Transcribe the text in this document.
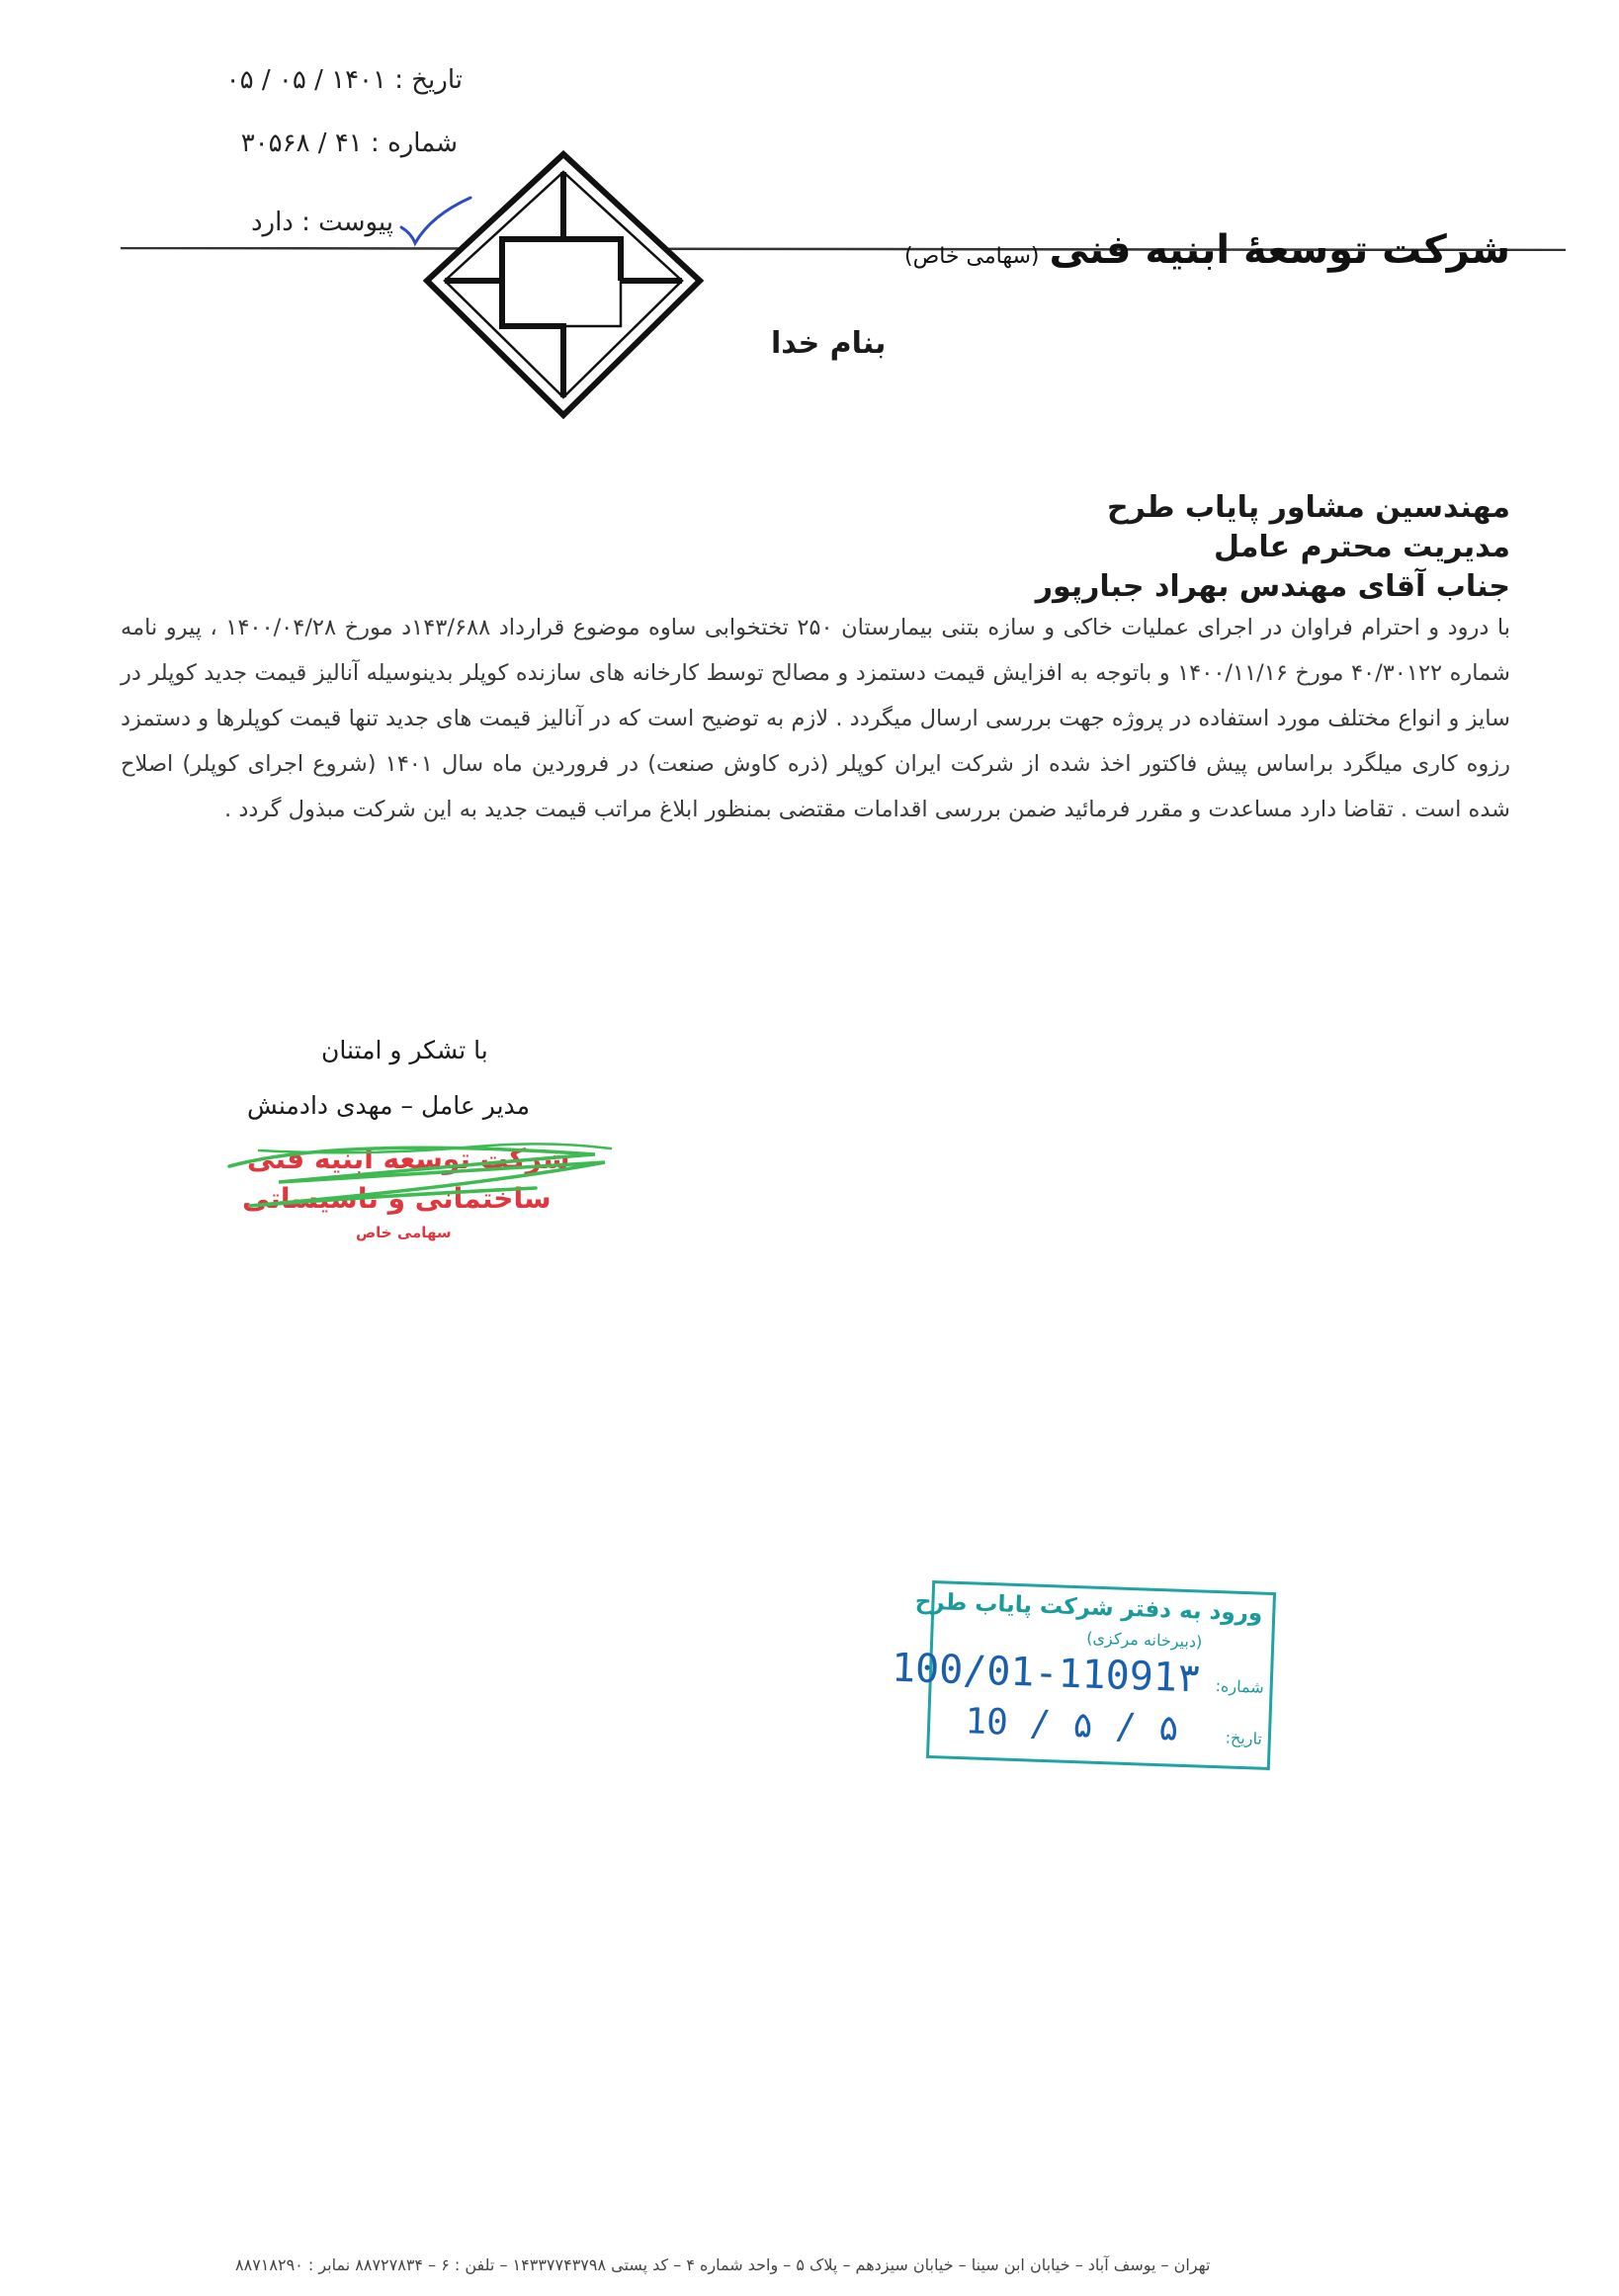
تاریخ : ۱۴۰۱ / ۰۵ / ۰۵
شماره : ۴۱ / ۳۰۵۶۸
پیوست : دارد
شرکت توسعهٔ ابنیه فنی(سهامی خاص)
بنام خدا
مهندسین مشاور پایاب طرح
مدیریت محترم عامل
جناب آقای مهندس بهراد جبارپور
با درود و احترام فراوان در اجرای عملیات خاکی و سازه بتنی بیمارستان ۲۵۰ تختخوابی ساوه موضوع قرارداد ۱۴۳/۶۸۸د مورخ ۱۴۰۰/۰۴/۲۸ ، پیرو نامه شماره ۴۰/۳۰۱۲۲ مورخ ۱۴۰۰/۱۱/۱۶ و باتوجه به افزایش قیمت دستمزد و مصالح توسط کارخانه های سازنده کوپلر بدینوسیله آنالیز قیمت جدید کوپلر در سایز و انواع مختلف مورد استفاده در پروژه جهت بررسی ارسال میگردد . لازم به توضیح است که در آنالیز قیمت های جدید تنها قیمت کوپلرها و دستمزد رزوه کاری میلگرد براساس پیش فاکتور اخذ شده از شرکت ایران کوپلر (ذره کاوش صنعت) در فروردین ماه سال ۱۴۰۱ (شروع اجرای کوپلر) اصلاح شده است . تقاضا دارد مساعدت و مقرر فرمائید ضمن بررسی اقدامات مقتضی بمنظور ابلاغ مراتب قیمت جدید به این شرکت مبذول گردد .
با تشکر و امتنان
مدیر عامل – مهدی دادمنش
شرکت توسعه ابنیه فنی
ساختمانی و تاسیساتی
سهامی خاص
ورود به دفتر شرکت پایاب طرح
(دبیرخانه مرکزی)
شماره:
100/01-11091۳
تاریخ:
10 / ۵ / ۵
تهران – یوسف آباد – خیابان ابن سینا – خیابان سیزدهم – پلاک ۵ – واحد شماره ۴ – کد پستی ۱۴۳۳۷۷۴۳۷۹۸ – تلفن : ۶ – ۸۸۷۲۷۸۳۴ نمابر : ۸۸۷۱۸۲۹۰
